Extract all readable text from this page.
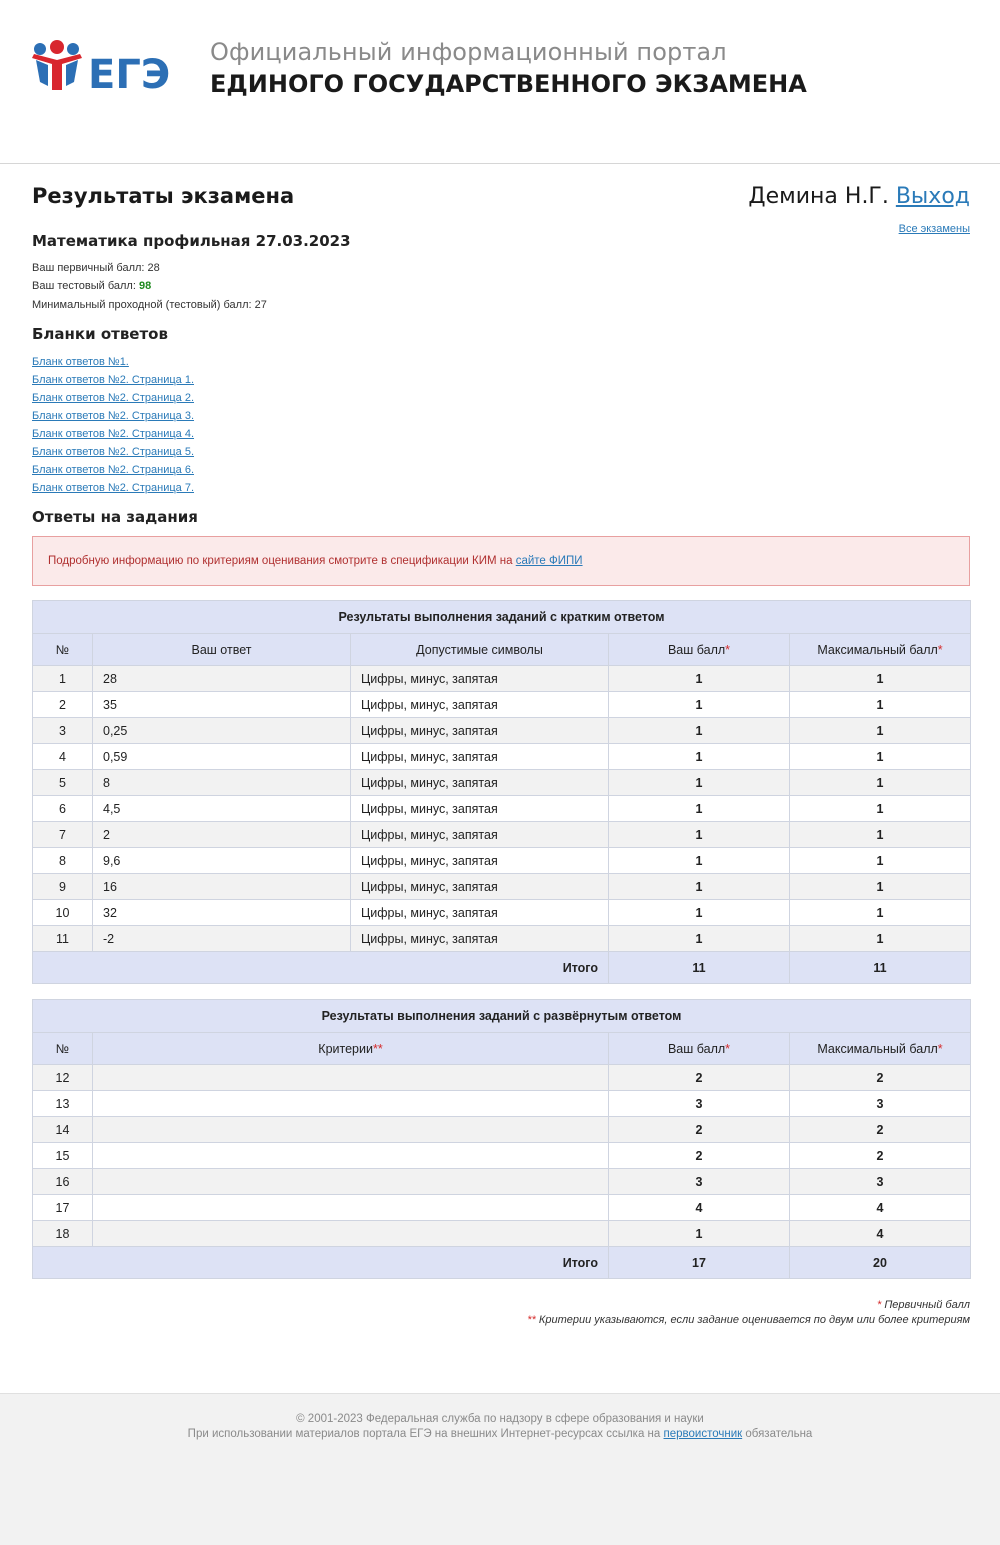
ЕГЭ Официальный информационный портал
ЕДИНОГО ГОСУДАРСТВЕННОГО ЭКЗАМЕНА
Результаты экзамена	Демина Н.Г. Выход
Все экзамены
Математика профильная 27.03.2023
Ваш первичный балл: 28
Ваш тестовый балл: 98
Минимальный проходной (тестовый) балл: 27
Бланки ответов
Бланк ответов №1.
Бланк ответов №2. Страница 1.
Бланк ответов №2. Страница 2.
Бланк ответов №2. Страница 3.
Бланк ответов №2. Страница 4.
Бланк ответов №2. Страница 5.
Бланк ответов №2. Страница 6.
Бланк ответов №2. Страница 7.
Ответы на задания
Подробную информацию по критериям оценивания смотрите в спецификации КИМ на сайте ФИПИ
Результаты выполнения заданий с кратким ответом				
№	Ваш ответ	Допустимые символы	Ваш балл*	Максимальный балл*
1	28	Цифры, минус, запятая	1	1
2	35	Цифры, минус, запятая	1	1
3	0,25	Цифры, минус, запятая	1	1
4	0,59	Цифры, минус, запятая	1	1
5	8	Цифры, минус, запятая	1	1
6	4,5	Цифры, минус, запятая	1	1
7	2	Цифры, минус, запятая	1	1
8	9,6	Цифры, минус, запятая	1	1
9	16	Цифры, минус, запятая	1	1
10	32	Цифры, минус, запятая	1	1
11	-2	Цифры, минус, запятая	1	1
Итого			11	11
Результаты выполнения заданий с развёрнутым ответом			
№	Критерии**	Ваш балл*	Максимальный балл*
12		2	2
13		3	3
14		2	2
15		2	2
16		3	3
17		4	4
18		1	4
Итого		17	20
* Первичный балл
** Критерии указываются, если задание оценивается по двум или более критериям
© 2001-2023 Федеральная служба по надзору в сфере образования и науки
При использовании материалов портала ЕГЭ на внешних Интернет-ресурсах ссылка на первоисточник обязательна
